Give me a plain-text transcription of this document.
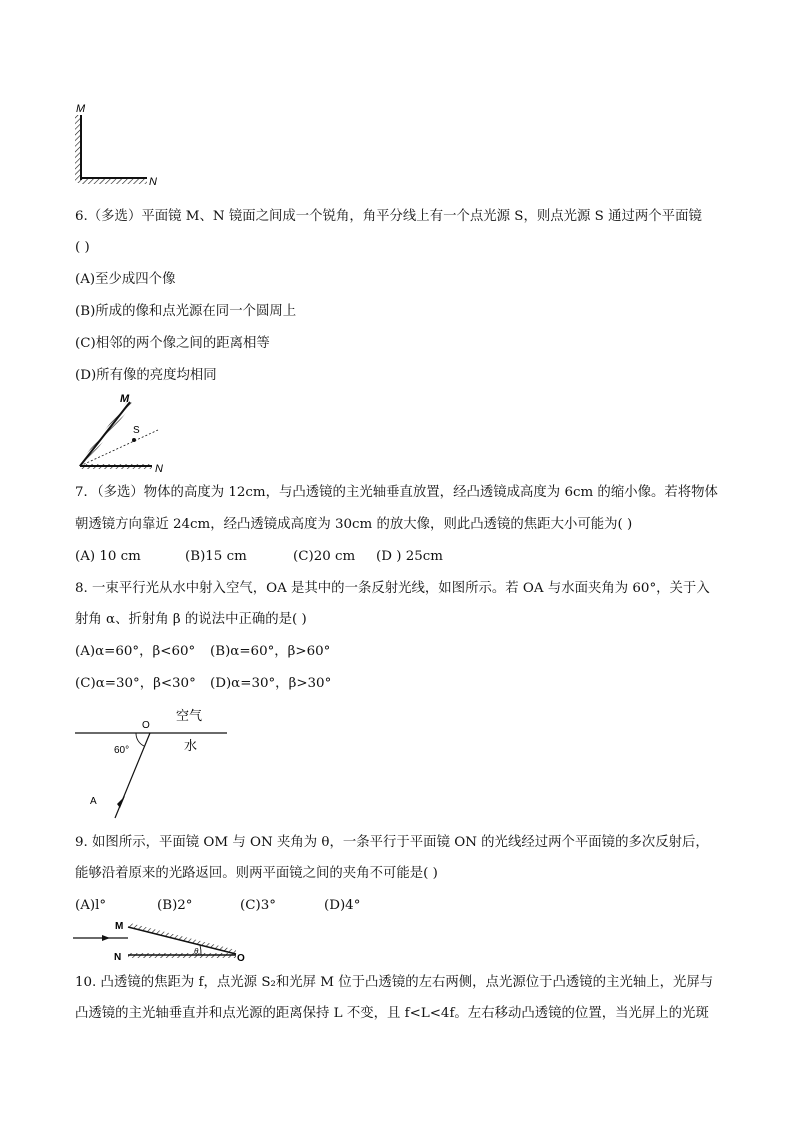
M
N
6.（多选）平面镜 M、N 镜面之间成一个锐角，角平分线上有一个点光源 S，则点光源 S 通过两个平面镜
( )
(A)至少成四个像
(B)所成的像和点光源在同一个圆周上
(C)相邻的两个像之间的距离相等
(D)所有像的亮度均相同
M
S
N
7．（多选）物体的高度为 12cm，与凸透镜的主光轴垂直放置，经凸透镜成高度为 6cm 的缩小像。若将物体
朝透镜方向靠近 24cm，经凸透镜成高度为 30cm 的放大像，则此凸透镜的焦距大小可能为( )
(A) 10 cm	(B)15 cm	(C)20 cm (D ) 25cm
8. 一束平行光从水中射入空气，OA 是其中的一条反射光线，如图所示。若 OA 与水面夹角为 60°，关于入
射角 α、折射角 β 的说法中正确的是( )
(A)α=60°，β<60° (B)α=60°，β>60°
(C)α=30°，β<30° (D)α=30°，β>30°
O
空气
水
60°
A
9. 如图所示，平面镜 OM 与 ON 夹角为 θ，一条平行于平面镜 ON 的光线经过两个平面镜的多次反射后，
能够沿着原来的光路返回。则两平面镜之间的夹角不可能是( )
(A)l°	(B)2°	(C)3°	(D)4°
M
N	O
θ
10. 凸透镜的焦距为 f，点光源 S₂和光屏 M 位于凸透镜的左右两侧，点光源位于凸透镜的主光轴上，光屏与
凸透镜的主光轴垂直并和点光源的距离保持 L 不变，且 f<L<4f。左右移动凸透镜的位置，当光屏上的光斑
